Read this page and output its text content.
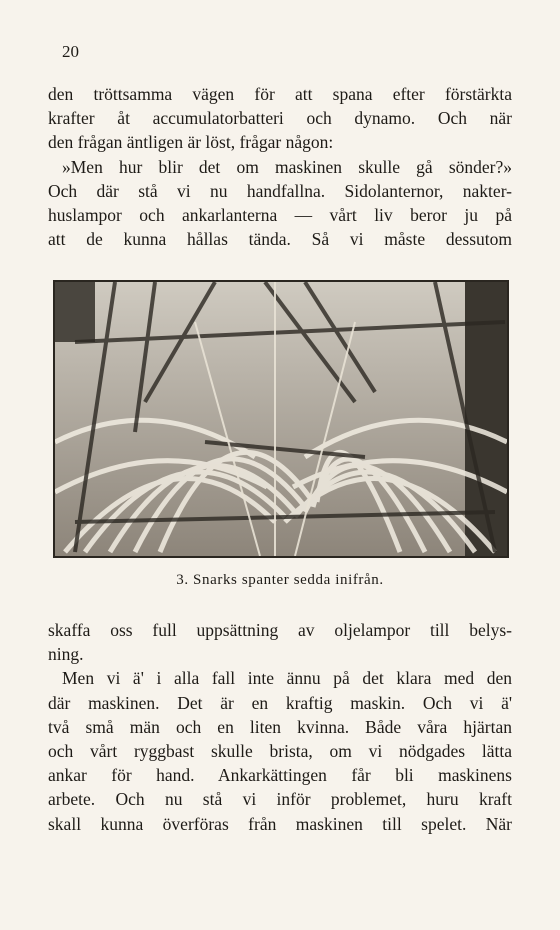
20
den tröttsamma vägen för att spana efter förstärkta
krafter åt accumulatorbatteri och dynamo. Och när
den frågan äntligen är löst, frågar någon:
»Men hur blir det om maskinen skulle gå sönder?»
Och där stå vi nu handfallna. Sidolanternor, nakter-
huslampor och ankarlanterna — vårt liv beror ju på
att de kunna hållas tända. Så vi måste dessutom
3. Snarks spanter sedda inifrån.
skaffa oss full uppsättning av oljelampor till belys-
ning.
Men vi ä' i alla fall inte ännu på det klara med den
där maskinen. Det är en kraftig maskin. Och vi ä'
två små män och en liten kvinna. Både våra hjärtan
och vårt ryggbast skulle brista, om vi nödgades lätta
ankar för hand. Ankarkättingen får bli maskinens
arbete. Och nu stå vi inför problemet, huru kraft
skall kunna överföras från maskinen till spelet. När
